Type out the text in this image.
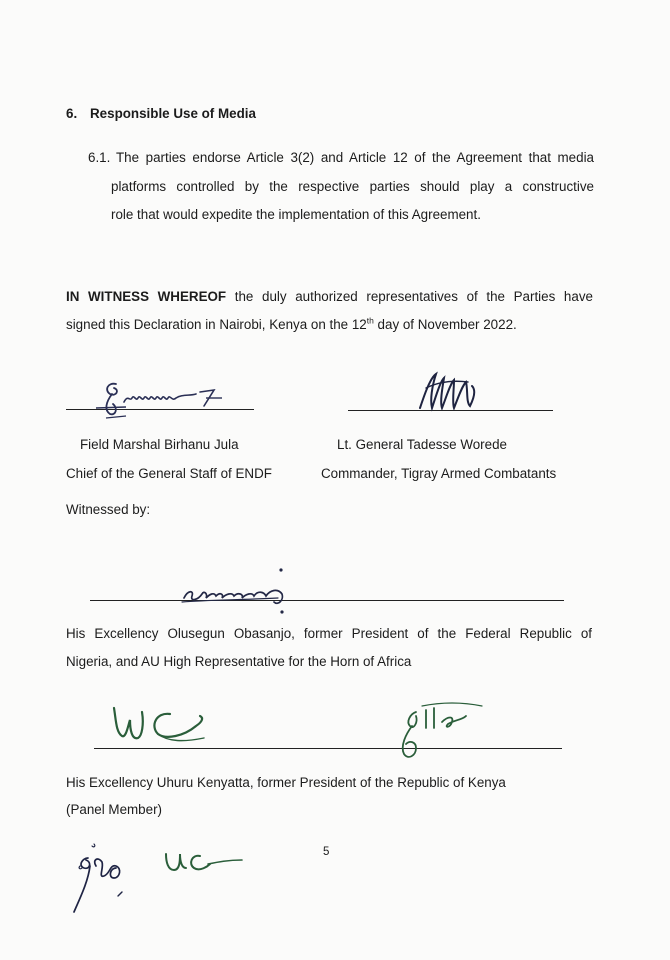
6. Responsible Use of Media
6.1. The parties endorse Article 3(2) and Article 12 of the Agreement that media
platforms controlled by the respective parties should play a constructive
role that would expedite the implementation of this Agreement.
IN WITNESS WHEREOF the duly authorized representatives of the Parties have
signed this Declaration in Nairobi, Kenya on the 12th day of November 2022.
Field Marshal Birhanu Jula
Chief of the General Staff of ENDF
Lt. General Tadesse Worede
Commander, Tigray Armed Combatants
Witnessed by:
His Excellency Olusegun Obasanjo, former President of the Federal Republic of
Nigeria, and AU High Representative for the Horn of Africa
His Excellency Uhuru Kenyatta, former President of the Republic of Kenya
(Panel Member)
5
